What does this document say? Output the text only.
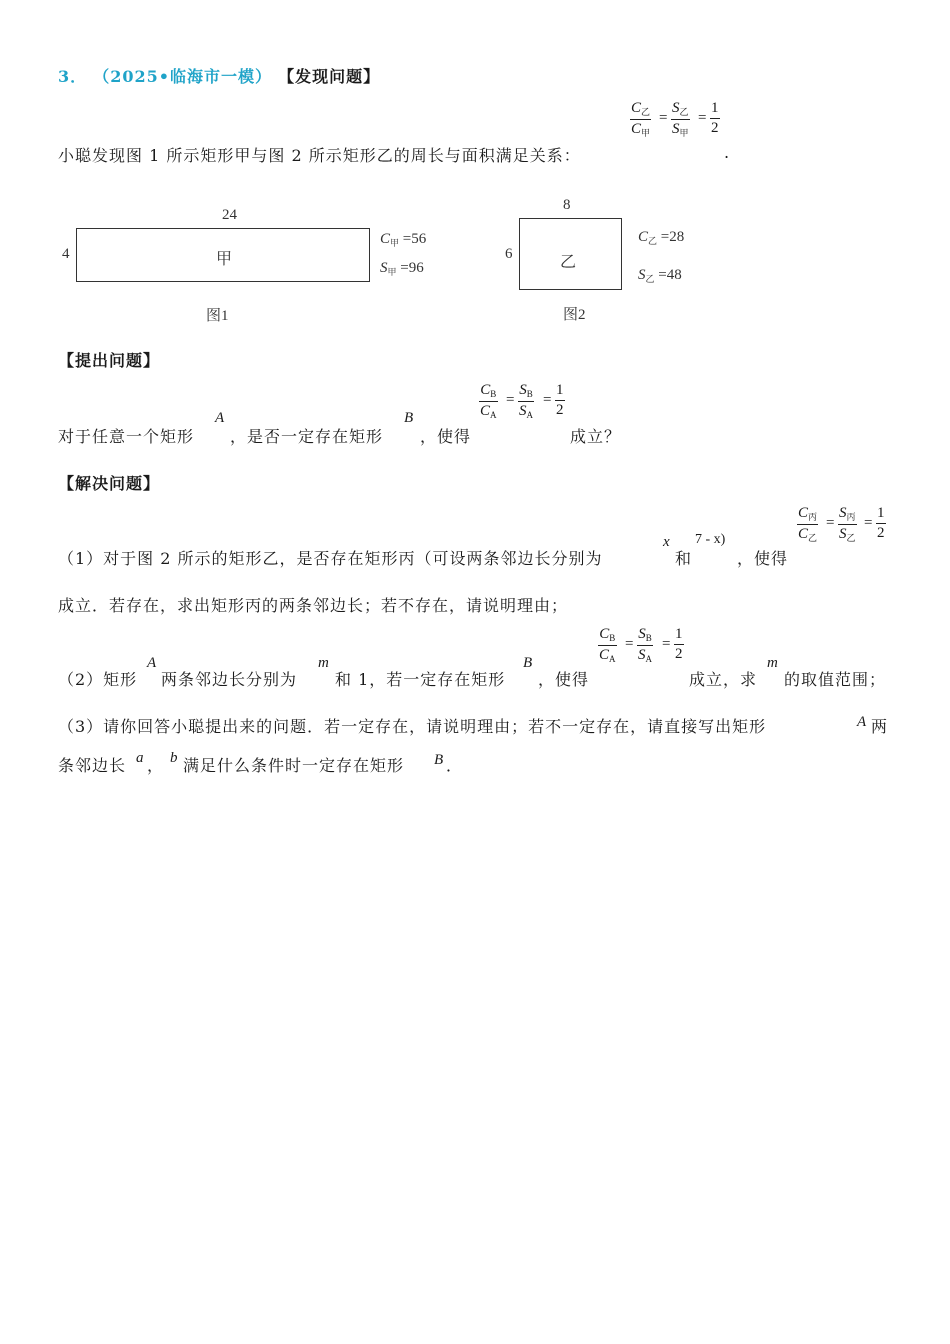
3． （2025•临海市一模） 【发现问题】
小聪发现图 1 所示矩形甲与图 2 所示矩形乙的周长与面积满足关系：
$C_乙$
$C_甲$
=
$S_乙$
$S_甲$
= $\frac{1}{2}$
.
24
4	甲
$C_甲 =56$
$S_甲 =96$
图1
8
6	乙
$C_乙 =28$
$S_乙 =48$
图2
【提出问题】
对于任意一个矩形
A
，是否一定存在矩形
B
，使得
$\frac{C_B}{C_A} = \frac{S_B}{S_A} = \frac{1}{2}$
成立？
【解决问题】
（1）对于图 2 所示的矩形乙，是否存在矩形丙（可设两条邻边长分别为
x
和
7 - x)
，使得
$C_丙$
$C_乙$
=
$S_丙$
$S_乙$
= $\frac{1}{2}$
成立．若存在，求出矩形丙的两条邻边长；若不存在，请说明理由；
（2）矩形
A
两条邻边长分别为
m
和 1，若一定存在矩形
B
，使得
$\frac{C_B}{C_A} = \frac{S_B}{S_A} = \frac{1}{2}$
成立，求
m
的取值范围；
（3）请你回答小聪提出来的问题．若一定存在，请说明理由；若不一定存在，请直接写出矩形	A 两
条邻边长 a ， b 满足什么条件时一定存在矩形 B ．
